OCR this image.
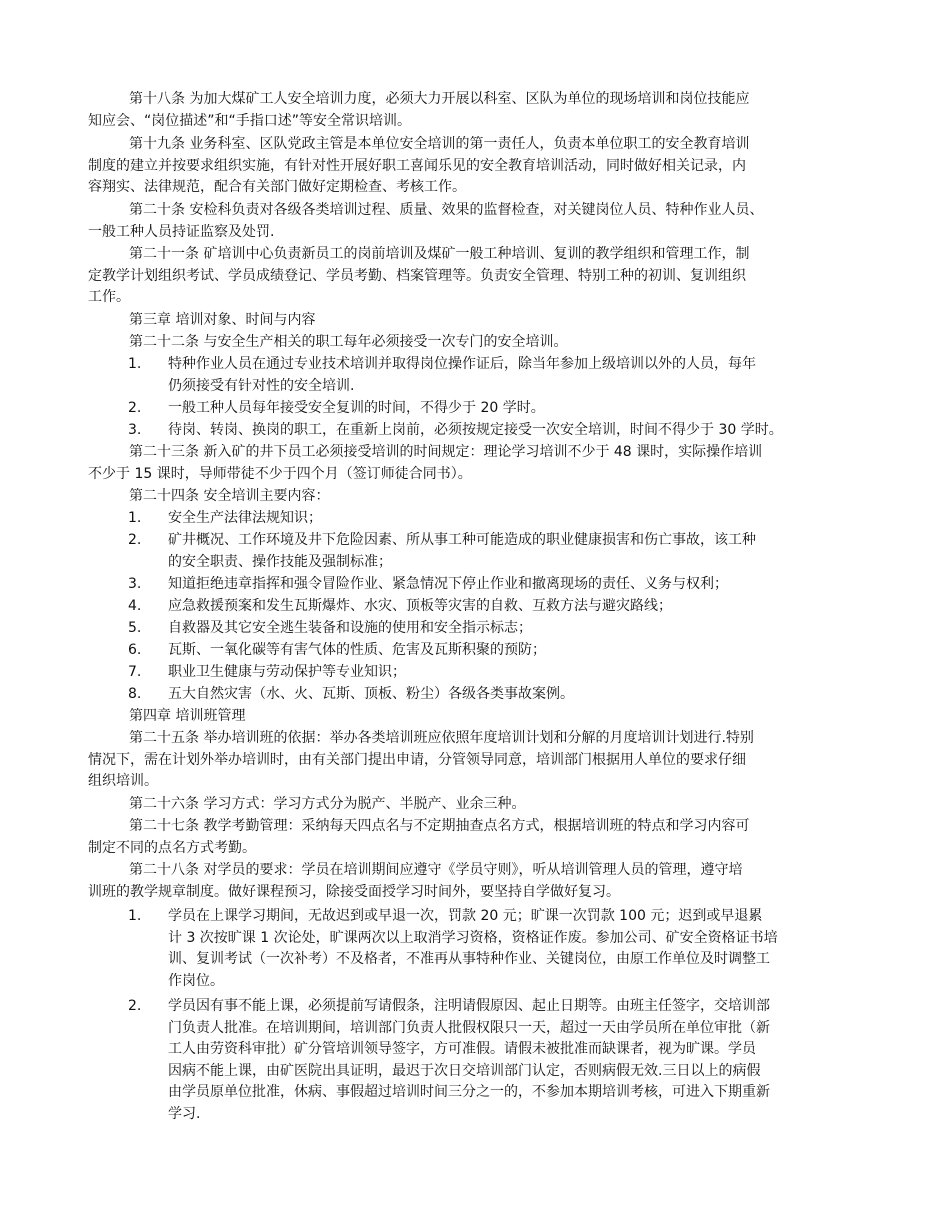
第十八条 为加大煤矿工人安全培训力度，必须大力开展以科室、区队为单位的现场培训和岗位技能应
知应会、“岗位描述”和“手指口述”等安全常识培训。
第十九条 业务科室、区队党政主管是本单位安全培训的第一责任人，负责本单位职工的安全教育培训
制度的建立并按要求组织实施，有针对性开展好职工喜闻乐见的安全教育培训活动，同时做好相关记录，内
容翔实、法律规范，配合有关部门做好定期检查、考核工作。
第二十条 安检科负责对各级各类培训过程、质量、效果的监督检查，对关键岗位人员、特种作业人员、
一般工种人员持证监察及处罚.
第二十一条 矿培训中心负责新员工的岗前培训及煤矿一般工种培训、复训的教学组织和管理工作，制
定教学计划组织考试、学员成绩登记、学员考勤、档案管理等。负责安全管理、特别工种的初训、复训组织
工作。
第三章 培训对象、时间与内容
第二十二条 与安全生产相关的职工每年必须接受一次专门的安全培训。
1.	特种作业人员在通过专业技术培训并取得岗位操作证后，除当年参加上级培训以外的人员，每年
仍须接受有针对性的安全培训.
2.	一般工种人员每年接受安全复训的时间，不得少于 20 学时。
3.	待岗、转岗、换岗的职工，在重新上岗前，必须按规定接受一次安全培训，时间不得少于 30 学时。
第二十三条 新入矿的井下员工必须接受培训的时间规定：理论学习培训不少于 48 课时，实际操作培训
不少于 15 课时，导师带徒不少于四个月（签订师徒合同书）。
第二十四条 安全培训主要内容：
1.	安全生产法律法规知识；
2.	矿井概况、工作环境及井下危险因素、所从事工种可能造成的职业健康损害和伤亡事故，该工种
的安全职责、操作技能及强制标准；
3.	知道拒绝违章指挥和强令冒险作业、紧急情况下停止作业和撤离现场的责任、义务与权利；
4.	应急救援预案和发生瓦斯爆炸、水灾、顶板等灾害的自救、互救方法与避灾路线；
5.	自救器及其它安全逃生装备和设施的使用和安全指示标志；
6.	瓦斯、一氧化碳等有害气体的性质、危害及瓦斯积聚的预防；
7.	职业卫生健康与劳动保护等专业知识；
8.	五大自然灾害（水、火、瓦斯、顶板、粉尘）各级各类事故案例。
第四章 培训班管理
第二十五条 举办培训班的依据：举办各类培训班应依照年度培训计划和分解的月度培训计划进行.特别
情况下，需在计划外举办培训时，由有关部门提出申请，分管领导同意，培训部门根据用人单位的要求仔细
组织培训。
第二十六条 学习方式：学习方式分为脱产、半脱产、业余三种。
第二十七条 教学考勤管理：采纳每天四点名与不定期抽查点名方式，根据培训班的特点和学习内容可
制定不同的点名方式考勤。
第二十八条 对学员的要求：学员在培训期间应遵守《学员守则》，听从培训管理人员的管理，遵守培
训班的教学规章制度。做好课程预习，除接受面授学习时间外，要坚持自学做好复习。
1.	学员在上课学习期间，无故迟到或早退一次，罚款 20 元；旷课一次罚款 100 元；迟到或早退累
计 3 次按旷课 1 次论处，旷课两次以上取消学习资格，资格证作废。参加公司、矿安全资格证书培
训、复训考试（一次补考）不及格者，不准再从事特种作业、关键岗位，由原工作单位及时调整工
作岗位。
2.	学员因有事不能上课，必须提前写请假条，注明请假原因、起止日期等。由班主任签字，交培训部
门负责人批准。在培训期间，培训部门负责人批假权限只一天，超过一天由学员所在单位审批（新
工人由劳资科审批）矿分管培训领导签字，方可准假。请假未被批准而缺课者，视为旷课。学员
因病不能上课，由矿医院出具证明，最迟于次日交培训部门认定，否则病假无效.三日以上的病假
由学员原单位批准，休病、事假超过培训时间三分之一的，不参加本期培训考核，可进入下期重新
学习.
